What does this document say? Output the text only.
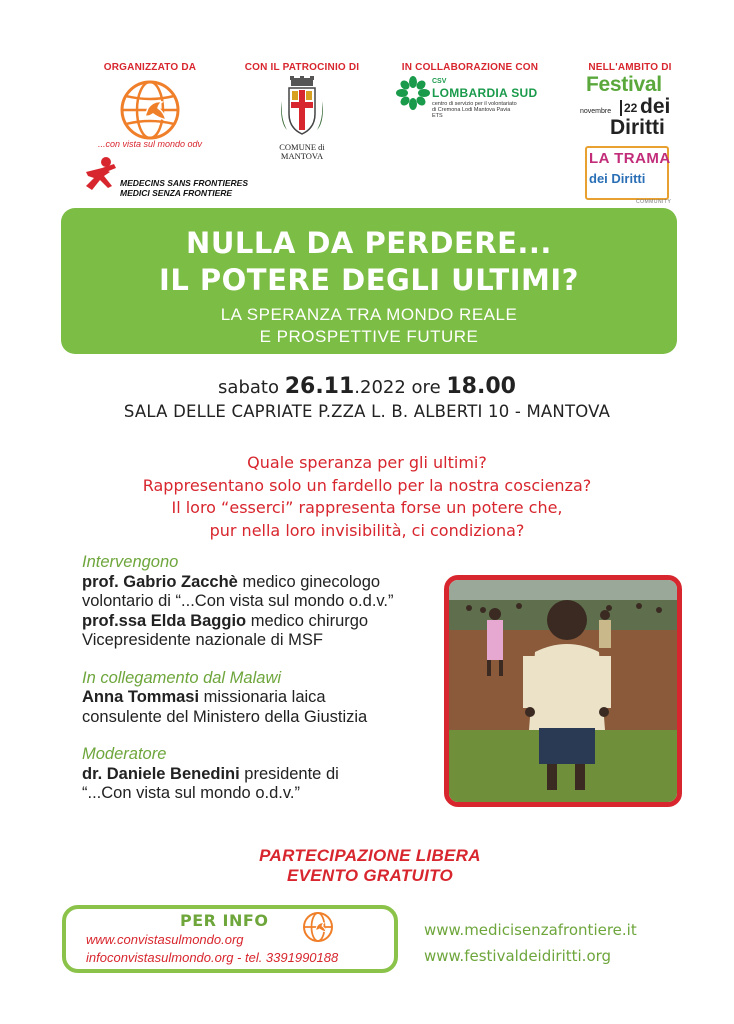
ORGANIZZATO DA	CON IL PATROCINIO DI	IN COLLABORAZIONE CON	NELL'AMBITO DI
...con vista sul mondo odv
MEDECINS SANS FRONTIERES
MEDICI SENZA FRONTIERE
COMUNE di
MANTOVA
CSV
LOMBARDIA SUD
centro di servizio per il volontariato
di Cremona Lodi Mantova Pavia
ETS
Festival
novembre 22 dei
Diritti
LA TRAMA
dei Diritti
COMMUNITY
NULLA DA PERDERE...
IL POTERE DEGLI ULTIMI?
LA SPERANZA TRA MONDO REALE
E PROSPETTIVE FUTURE
sabato 26.11.2022 ore 18.00
SALA DELLE CAPRIATE P.ZZA L. B. ALBERTI 10 - MANTOVA
Quale speranza per gli ultimi?
Rappresentano solo un fardello per la nostra coscienza?
Il loro “esserci” rappresenta forse un potere che,
pur nella loro invisibilità, ci condiziona?
Intervengono
prof. Gabrio Zacchè medico ginecologo
volontario di “...Con vista sul mondo o.d.v.”
prof.ssa Elda Baggio medico chirurgo
Vicepresidente nazionale di MSF
In collegamento dal Malawi
Anna Tommasi missionaria laica
consulente del Ministero della Giustizia
Moderatore
dr. Daniele Benedini presidente di
“...Con vista sul mondo o.d.v.”
PARTECIPAZIONE LIBERA
EVENTO GRATUITO
PER INFO
www.convistasulmondo.org
infoconvistasulmondo.org - tel. 3391990188
www.medicisenzafrontiere.it
www.festivaldeidiritti.org
